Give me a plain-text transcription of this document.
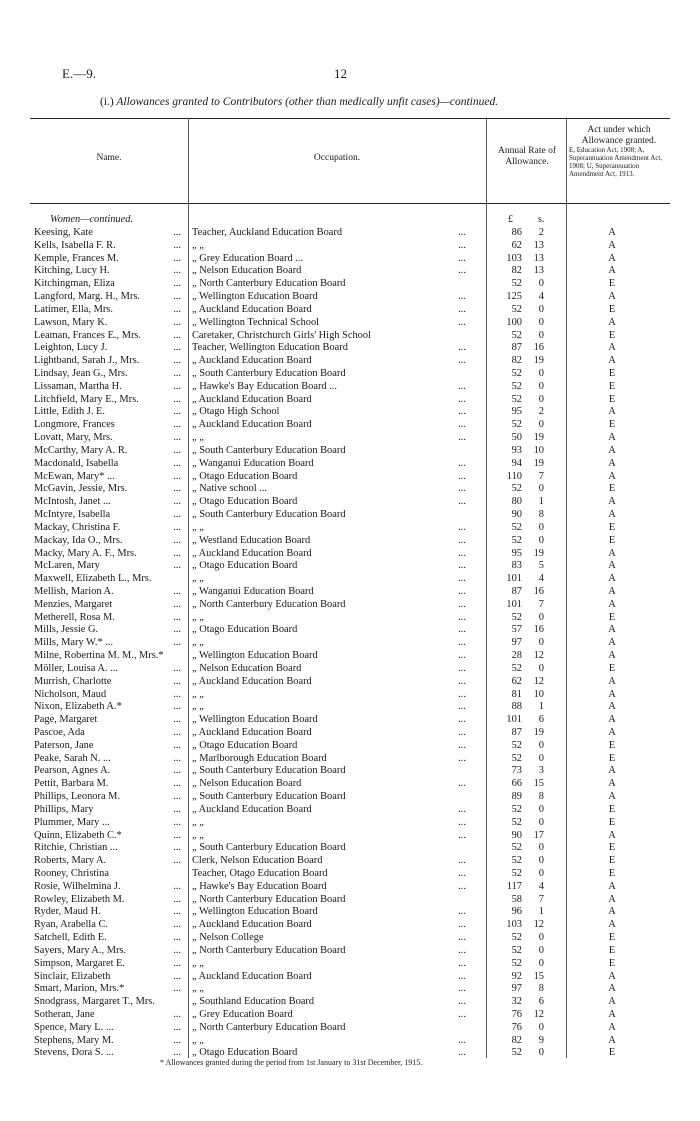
E.—9.	12
(i.) Allowances granted to Contributors (other than medically unfit cases)—continued.
Name.	Occupation.
Annual Rate of Allowance.
Act under which Allowance granted.
E, Education Act, 1908; A, Superannuation Amendment Act, 1908; U, Superannuation Amendment Act, 1913.
Women—continued.	£	s.
Keesing, Kate	... Teacher, Auckland Education Board	...	86	2	A
Kells, Isabella F. R.	... „ „	...	62	13	A
Kemple, Frances M.	... „ Grey Education Board ...	...	103	13	A
Kitching, Lucy H.	... „ Nelson Education Board	...	82	13	A
Kitchingman, Eliza	... „ North Canterbury Education Board	52	0	E
Langford, Marg. H., Mrs.	... „ Wellington Education Board	...	125	4	A
Latimer, Ella, Mrs.	... „ Auckland Education Board	...	52	0	E
Lawson, Mary K.	... „ Wellington Technical School	...	100	0	A
Leaman, Frances E., Mrs.	... Caretaker, Christchurch Girls' High School	52	0	E
Leighton, Lucy J.	... Teacher, Wellington Education Board	...	87	16	A
Lightband, Sarah J., Mrs.	... „ Auckland Education Board	...	82	19	A
Lindsay, Jean G., Mrs.	... „ South Canterbury Education Board	52	0	E
Lissaman, Martha H.	... „ Hawke's Bay Education Board ...	...	52	0	E
Litchfield, Mary E., Mrs.	... „ Auckland Education Board	...	52	0	E
Little, Edith J. E.	... „ Otago High School	...	95	2	A
Longmore, Frances	... „ Auckland Education Board	...	52	0	E
Lovatt, Mary, Mrs.	... „ „	...	50	19	A
McCarthy, Mary A. R.	... „ South Canterbury Education Board	93	10	A
Macdonald, Isabella	... „ Wanganui Education Board	...	94	19	A
McEwan, Mary* ...	... „ Otago Education Board	...	110	7	A
McGavin, Jessie, Mrs.	... „ Native school ...	...	52	0	E
McIntosh, Janet ...	... „ Otago Education Board	...	80	1	A
McIntyre, Isabella	... „ South Canterbury Education Board	90	8	A
Mackay, Christina F.	... „ „	...	52	0	E
Mackay, Ida O., Mrs.	... „ Westland Education Board	...	52	0	E
Macky, Mary A. F., Mrs.	... „ Auckland Education Board	...	95	19	A
McLaren, Mary	... „ Otago Education Board	...	83	5	A
Maxwell, Elizabeth L., Mrs.	„ „	...	101	4	A
Mellish, Marion A.	... „ Wanganui Education Board	...	87	16	A
Menzies, Margaret	... „ North Canterbury Education Board	...	101	7	A
Metherell, Rosa M.	... „ „	...	52	0	E
Mills, Jessie G.	... „ Otago Education Board	...	57	16	A
Mills, Mary W.* ...	... „ „	...	97	0	A
Milne, Robertina M. M., Mrs.*	„ Wellington Education Board	...	28	12	A
Möller, Louisa A. ...	... „ Nelson Education Board	...	52	0	E
Murrish, Charlotte	... „ Auckland Education Board	...	62	12	A
Nicholson, Maud	... „ „	...	81	10	A
Nixon, Elizabeth A.*	... „ „	...	88	1	A
Page, Margaret	... „ Wellington Education Board	...	101	6	A
Pascoe, Ada	... „ Auckland Education Board	...	87	19	A
Paterson, Jane	... „ Otago Education Board	...	52	0	E
Peake, Sarah N. ...	... „ Marlborough Education Board	...	52	0	E
Pearson, Agnes A.	... „ South Canterbury Education Board	73	3	A
Pettit, Barbara M.	... „ Nelson Education Board	...	66	15	A
Phillips, Leonora M.	... „ South Canterbury Education Board	89	8	A
Phillips, Mary	... „ Auckland Education Board	...	52	0	E
Plummer, Mary ...	... „ „	...	52	0	E
Quinn, Elizabeth C.*	... „ „	...	90	17	A
Ritchie, Christian ...	... „ South Canterbury Education Board	52	0	E
Roberts, Mary A.	... Clerk, Nelson Education Board	...	52	0	E
Rooney, Christina	Teacher, Otago Education Board	...	52	0	E
Rosie, Wilhelmina J.	... „ Hawke's Bay Education Board	...	117	4	A
Rowley, Elizabeth M.	... „ North Canterbury Education Board	58	7	A
Ryder, Maud H.	... „ Wellington Education Board	...	96	1	A
Ryan, Arabella C.	... „ Auckland Education Board	...	103	12	A
Satchell, Edith E.	... „ Nelson College	...	52	0	E
Sayers, Mary A., Mrs.	... „ North Canterbury Education Board	...	52	0	E
Simpson, Margaret E.	... „ „	...	52	0	E
Sinclair, Elizabeth	... „ Auckland Education Board	...	92	15	A
Smart, Marion, Mrs.*	... „ „	...	97	8	A
Snodgrass, Margaret T., Mrs.	„ Southland Education Board	...	32	6	A
Sotheran, Jane	... „ Grey Education Board	...	76	12	A
Spence, Mary L. ...	... „ North Canterbury Education Board	76	0	A
Stephens, Mary M.	... „ „	...	82	9	A
Stevens, Dora S. ...	... „ Otago Education Board	...	52	0	E
* Allowances granted during the period from 1st January to 31st December, 1915.
